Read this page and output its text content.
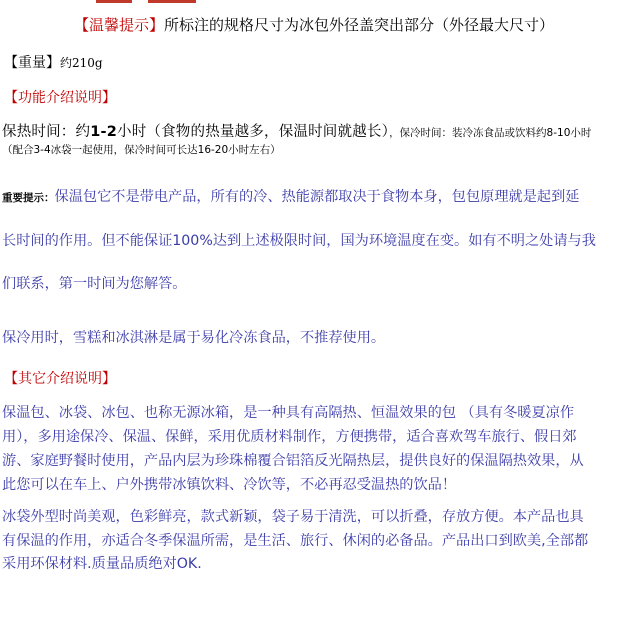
【温馨提示】所标注的规格尺寸为冰包外径盖突出部分（外径最大尺寸）
【重量】约210g
【功能介绍说明】
保热时间：约1-2小时（食物的热量越多，保温时间就越长），保冷时间：装冷冻食品或饮料约8-10小时
（配合3-4冰袋一起使用，保冷时间可长达16-20小时左右）
重要提示：保温包它不是带电产品，所有的冷、热能源都取决于食物本身，包包原理就是起到延
长时间的作用。但不能保证100%达到上述极限时间，国为环境温度在变。如有不明之处请与我
们联系，第一时间为您解答。
保冷用时，雪糕和冰淇淋是属于易化冷冻食品，不推荐使用。
【其它介绍说明】
保温包、冰袋、冰包、也称无源冰箱，是一种具有高隔热、恒温效果的包 （具有冬暖夏凉作
用），多用途保冷、保温、保鲜，采用优质材料制作，方便携带，适合喜欢驾车旅行、假日郊
游、家庭野餐时使用，产品内层为珍珠棉覆合铝箔反光隔热层，提供良好的保温隔热效果，从
此您可以在车上、户外携带冰镇饮料、冷饮等，不必再忍受温热的饮品！
冰袋外型时尚美观，色彩鲜亮，款式新颖，袋子易于清洗，可以折叠，存放方便。本产品也具
有保温的作用，亦适合冬季保温所需，是生活、旅行、休闲的必备品。产品出口到欧美,全部都
采用环保材料.质量品质绝对OK.
